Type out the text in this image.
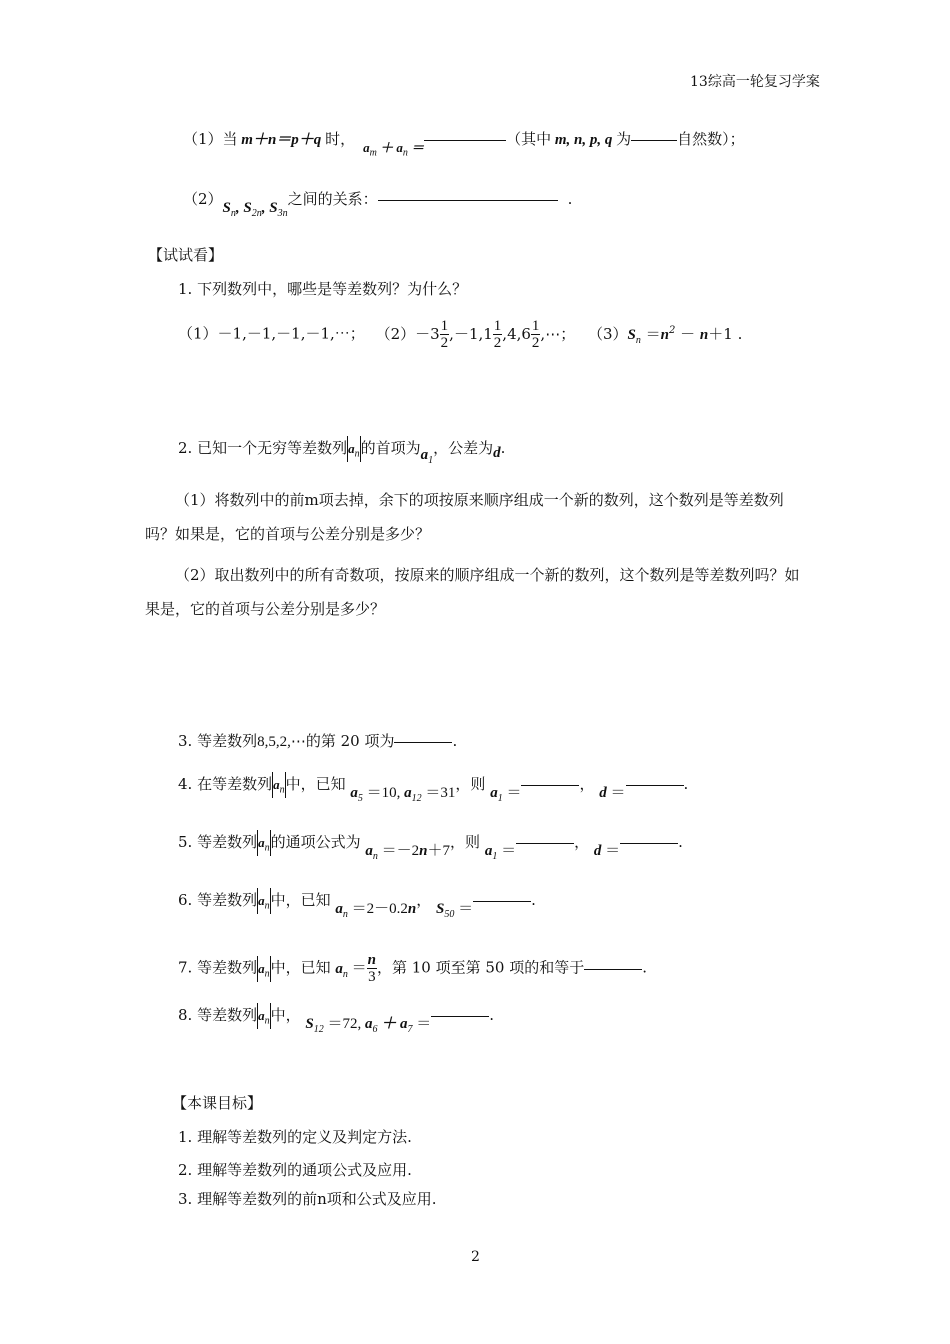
13综高一轮复习学案
（1）当 m＋n＝p＋q 时，  $a_m + a_n$ ＝	（其中 m, n, p, q 为	自然数）；
$(2)S_n$, $S_{2n}$, $S_{3n}$之间的关系：	.
【试试看】
1. 下列数列中，哪些是等差数列？为什么？
（1）－1,－1,－1,－1,⋯； $(2)-3 \frac{1}{2} ,-1,1 \frac{1}{2} ,4,6 \frac{1}{2}$ ,⋯； $(3)S_n =n^2 - n+1$ .
2. 已知一个无穷等差数列$a_n$的首项为$a_1$，公差为d.
（1）将数列中的前m项去掉，余下的项按原来顺序组成一个新的数列，这个数列是等差数列吗？如果是，它的首项与公差分别是多少？
（2）取出数列中的所有奇数项，按原来的顺序组成一个新的数列，这个数列是等差数列吗？如果是，它的首项与公差分别是多少？
3. 等差数列8,5,2,⋯的第 20 项为	.
4. 在等差数列$a_n$中，已知 $a_5 =10$, $a_{12} =31$，则 $a_1$ ＝	， d ＝	.
5. 等差数列$a_n$的通项公式为 $a_n =-2n+7$，则 $a_1$ ＝	， d ＝	.
6. 等差数列$a_n$中，已知 $a_n =2-0.2n$， $S_{50}$ ＝	.
7. 等差数列$a_n$中，已知 $a_n = \frac{n}{3}$ ，第 10 项至第 50 项的和等于	.
8. 等差数列$a_n$中， $S_{12} =72$, $a_6 + a_7$ ＝	.
【本课目标】
1. 理解等差数列的定义及判定方法.
2. 理解等差数列的通项公式及应用.
3. 理解等差数列的前n项和公式及应用.
2
